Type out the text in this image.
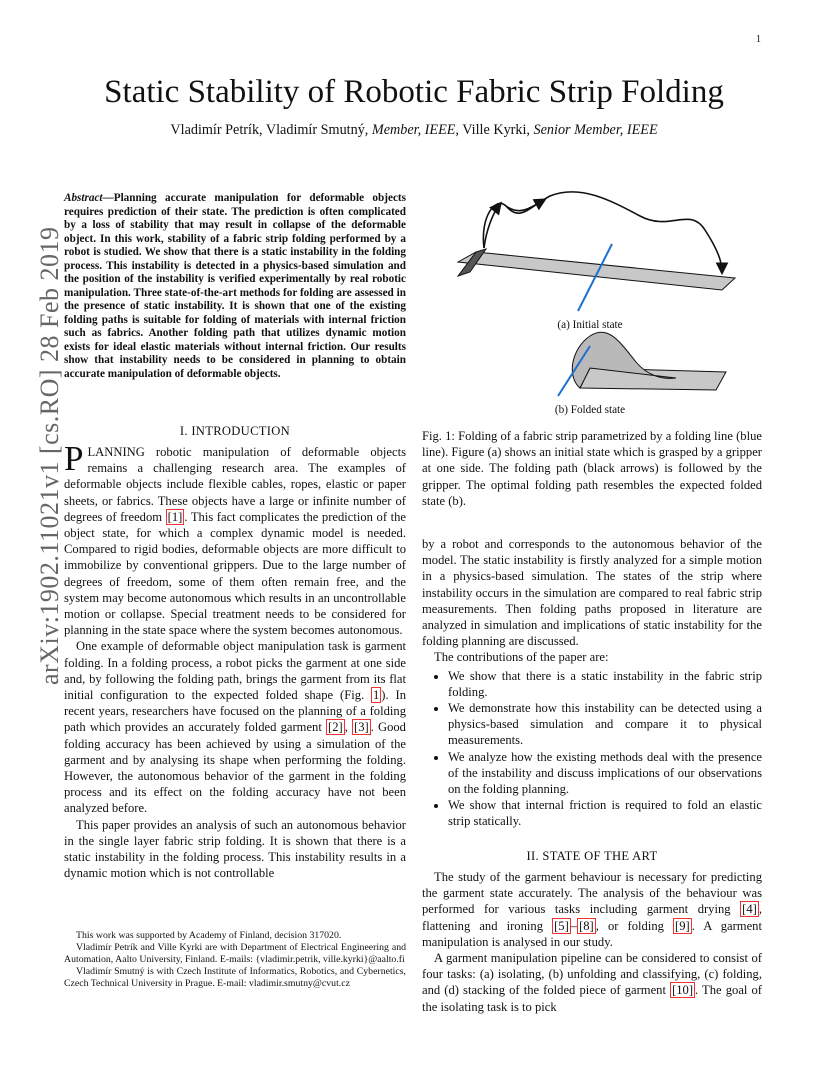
1
arXiv:1902.11021v1 [cs.RO] 28 Feb 2019
Static Stability of Robotic Fabric Strip Folding
Vladimír Petrík, Vladimír Smutný, Member, IEEE, Ville Kyrki, Senior Member, IEEE
Abstract—Planning accurate manipulation for deformable objects requires prediction of their state. The prediction is often complicated by a loss of stability that may result in collapse of the deformable object. In this work, stability of a fabric strip folding performed by a robot is studied. We show that there is a static instability in the folding process. This instability is detected in a physics-based simulation and the position of the instability is verified experimentally by real robotic manipulation. Three state-of-the-art methods for folding are assessed in the presence of static instability. It is shown that one of the existing folding paths is suitable for folding of materials with internal friction such as fabrics. Another folding path that utilizes dynamic motion exists for ideal elastic materials without internal friction. Our results show that instability needs to be considered in planning to obtain accurate manipulation of deformable objects.
I. INTRODUCTION

PLANNING robotic manipulation of deformable objects remains a challenging research area. The examples of deformable objects include flexible cables, ropes, elastic or paper sheets, or fabrics. These objects have a large or infinite number of degrees of freedom [1] . This fact complicates the prediction of the object state, for which a complex dynamic model is needed. Compared to rigid bodies, deformable objects are more difficult to immobilize by conventional grippers. Due to the large number of degrees of freedom, some of them often remain free, and the system may become autonomous which results in an uncontrollable motion or collapse. Special treatment needs to be considered for planning in the state space where the system becomes autonomous.

One example of deformable object manipulation task is garment folding. In a folding process, a robot picks the garment at one side and, by following the folding path, brings the garment from its flat initial configuration to the expected folded shape (Fig. 1 ). In recent years, researchers have focused on the planning of a folding path which provides an accurately folded garment [2] , [3] . Good folding accuracy has been achieved by using a simulation of the garment and by analysing its shape when performing the folding. However, the autonomous behavior of the garment in the folding process and its effect on the folding accuracy have not been analyzed before.

This paper provides an analysis of such an autonomous behavior in the single layer fabric strip folding. It is shown that there is a static instability in the folding process. This instability results in a dynamic motion which is not controllable

This work was supported by Academy of Finland, decision 317020.

Vladimír Petrík and Ville Kyrki are with Department of Electrical Engineering and Automation, Aalto University, Finland. E-mails: {vladimir.petrik, ville.kyrki}@aalto.fi

Vladimír Smutný is with Czech Institute of Informatics, Robotics, and Cybernetics, Czech Technical University in Prague. E-mail: vladimir.smutny@cvut.cz

(a) Initial state
(b) Folded state
Fig. 1: Folding of a fabric strip parametrized by a folding line (blue line). Figure (a) shows an initial state which is grasped by a gripper at one side. The folding path (black arrows) is followed by the gripper. The optimal folding path resembles the expected folded state (b).

by a robot and corresponds to the autonomous behavior of the model. The static instability is firstly analyzed for a simple motion in a physics-based simulation. The states of the strip where instability occurs in the simulation are compared to real fabric strip measurements. Then folding paths proposed in literature are analyzed in simulation and implications of static instability for the folding planning are discussed.

The contributions of the paper are:

• We show that there is a static instability in the fabric strip folding.
• We demonstrate how this instability can be detected using a physics-based simulation and compare it to physical measurements.
• We analyze how the existing methods deal with the presence of the instability and discuss implications of our observations on the folding planning.
• We show that internal friction is required to fold an elastic strip statically.
II. STATE OF THE ART

The study of the garment behaviour is necessary for predicting the garment state accurately. The analysis of the behaviour was performed for various tasks including garment drying [4] , flattening and ironing [5] – [8] , or folding [9] . A garment manipulation is analysed in our study.

A garment manipulation pipeline can be considered to consist of four tasks: (a) isolating, (b) unfolding and classifying, (c) folding, and (d) stacking of the folded piece of garment [10] . The goal of the isolating task is to pick
